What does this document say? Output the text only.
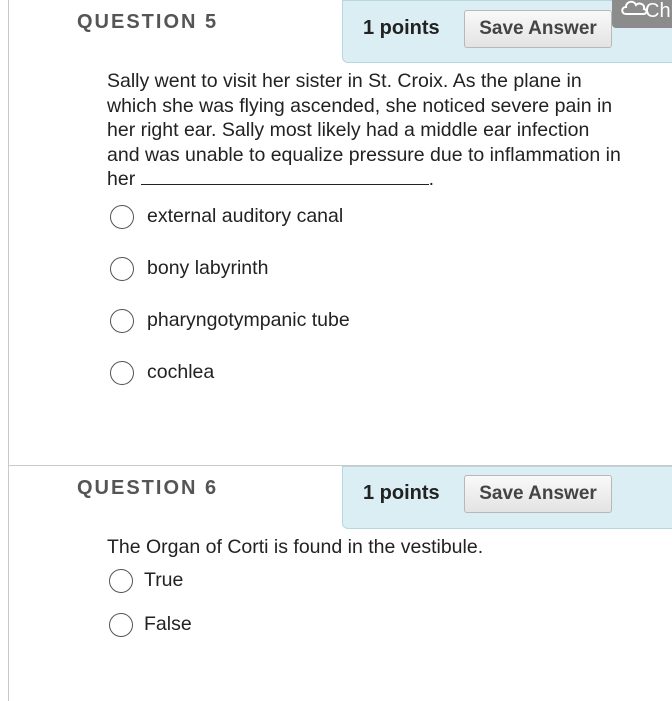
QUESTION 5	1 points	Save Answer

Sally went to visit her sister in St. Croix. As the plane in which she was flying ascended, she noticed severe pain in her right ear. Sally most likely had a middle ear infection and was unable to equalize pressure due to inflammation in her	.

external auditory canal
bony labyrinth
pharyngotympanic tube
cochlea
QUESTION 6	1 points	Save Answer

The Organ of Corti is found in the vestibule.

True
False
Ch
